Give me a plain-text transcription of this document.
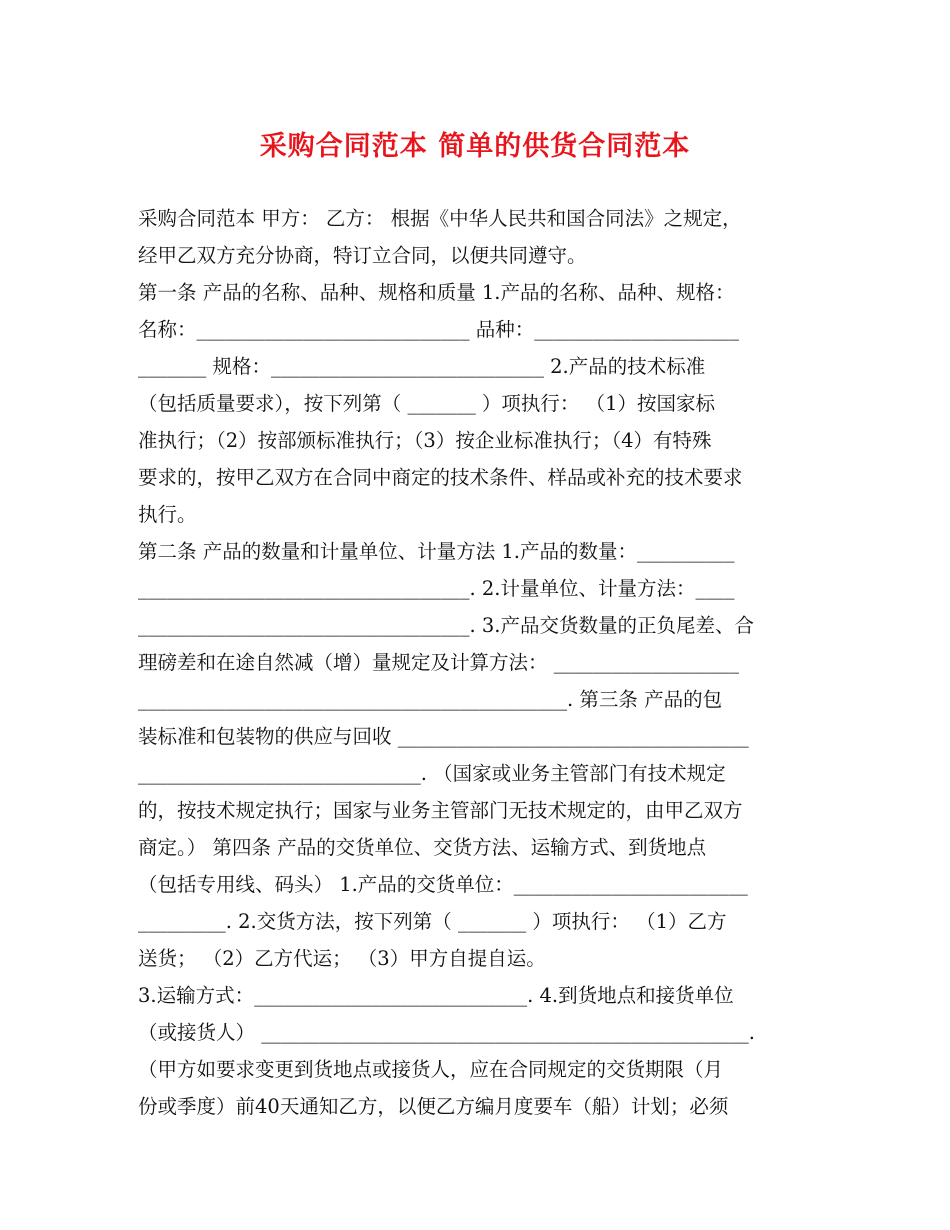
采购合同范本 简单的供货合同范本
采购合同范本 甲方： 乙方： 根据《中华人民共和国合同法》之规定，
经甲乙双方充分协商，特订立合同，以便共同遵守。
第一条 产品的名称、品种、规格和质量 1.产品的名称、品种、规格：
名称：____________________________ 品种：_____________________
_______ 规格：____________________________ 2.产品的技术标准
（包括质量要求），按下列第（ _______ ）项执行： （1）按国家标
准执行；（2）按部颁标准执行；（3）按企业标准执行；（4）有特殊
要求的，按甲乙双方在合同中商定的技术条件、样品或补充的技术要求
执行。
第二条 产品的数量和计量单位、计量方法 1.产品的数量：__________
__________________________________. 2.计量单位、计量方法：____
__________________________________. 3.产品交货数量的正负尾差、合
理磅差和在途自然减（增）量规定及计算方法： ___________________
____________________________________________. 第三条 产品的包
装标准和包装物的供应与回收 ____________________________________
_____________________________. （国家或业务主管部门有技术规定
的，按技术规定执行；国家与业务主管部门无技术规定的，由甲乙双方
商定。） 第四条 产品的交货单位、交货方法、运输方式、到货地点
（包括专用线、码头） 1.产品的交货单位：________________________
_________. 2.交货方法，按下列第（ _______ ）项执行： （1）乙方
送货； （2）乙方代运； （3）甲方自提自运。
3.运输方式：____________________________. 4.到货地点和接货单位
（或接货人） __________________________________________________.
（甲方如要求变更到货地点或接货人，应在合同规定的交货期限（月
份或季度）前40天通知乙方，以便乙方编月度要车（船）计划；必须
